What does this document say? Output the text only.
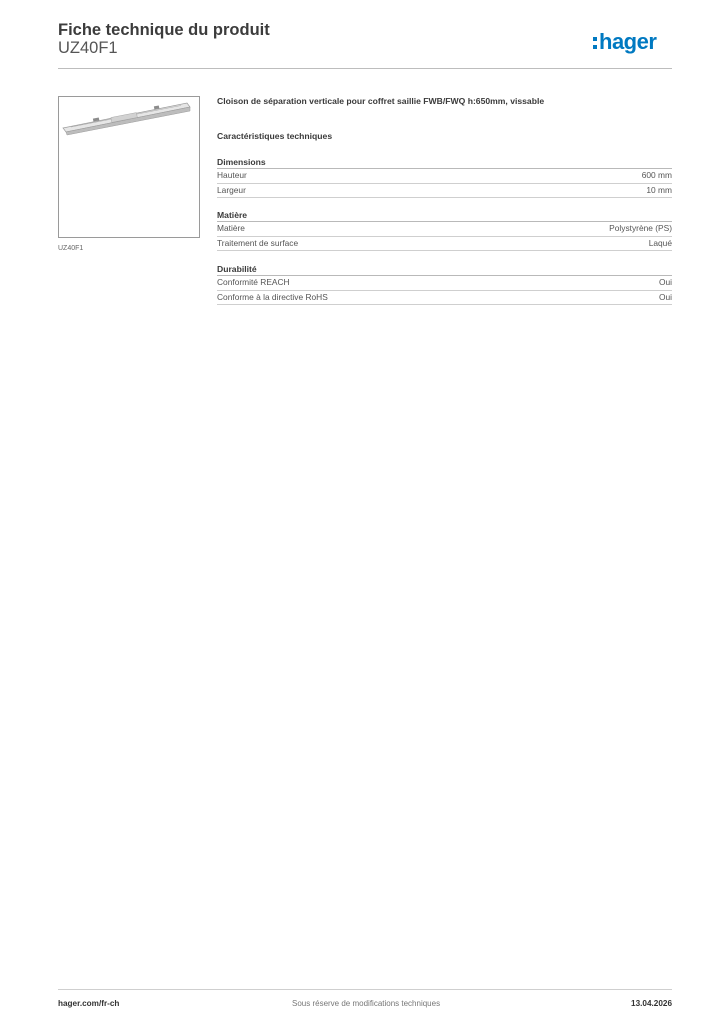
Fiche technique du produit
UZ40F1	hager
UZ40F1
Cloison de séparation verticale pour coffret saillie FWB/FWQ h:650mm, vissable
Caractéristiques techniques
Dimensions
Hauteur	600 mm
Largeur	10 mm
Matière
Matière	Polystyrène (PS)
Traitement de surface	Laqué
Durabilité
Conformité REACH	Oui
Conforme à la directive RoHS	Oui
hager.com/fr-ch	Sous réserve de modifications techniques	13.04.2026
